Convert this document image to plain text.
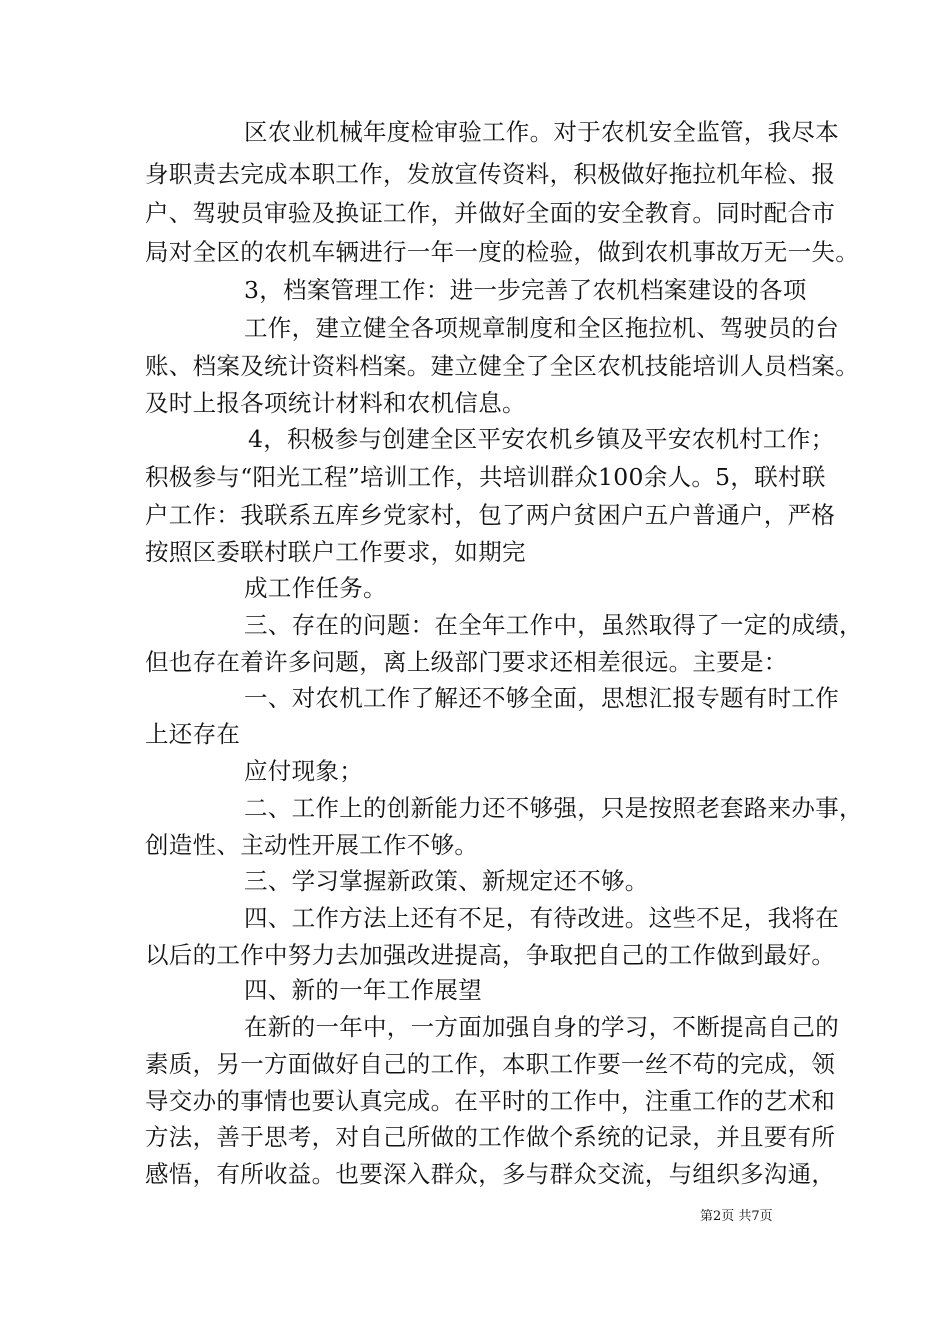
区农业机械年度检审验工作。对于农机安全监管，我尽本
身职责去完成本职工作，发放宣传资料，积极做好拖拉机年检、报
户、驾驶员审验及换证工作，并做好全面的安全教育。同时配合市
局对全区的农机车辆进行一年一度的检验，做到农机事故万无一失。
3，档案管理工作：进一步完善了农机档案建设的各项
工作，建立健全各项规章制度和全区拖拉机、驾驶员的台
账、档案及统计资料档案。建立健全了全区农机技能培训人员档案。
及时上报各项统计材料和农机信息。
4，积极参与创建全区平安农机乡镇及平安农机村工作；
积极参与“阳光工程”培训工作，共培训群众100余人。5，联村联
户工作：我联系五库乡党家村，包了两户贫困户五户普通户，严格
按照区委联村联户工作要求，如期完
成工作任务。
三、存在的问题：在全年工作中，虽然取得了一定的成绩，
但也存在着许多问题，离上级部门要求还相差很远。主要是：
一、对农机工作了解还不够全面，思想汇报专题有时工作
上还存在
应付现象；
二、工作上的创新能力还不够强，只是按照老套路来办事，
创造性、主动性开展工作不够。
三、学习掌握新政策、新规定还不够。
四、工作方法上还有不足，有待改进。这些不足，我将在
以后的工作中努力去加强改进提高，争取把自己的工作做到最好。
四、新的一年工作展望
在新的一年中，一方面加强自身的学习，不断提高自己的
素质，另一方面做好自己的工作，本职工作要一丝不苟的完成，领
导交办的事情也要认真完成。在平时的工作中，注重工作的艺术和
方法，善于思考，对自己所做的工作做个系统的记录，并且要有所
感悟，有所收益。也要深入群众，多与群众交流，与组织多沟通，
第2页 共7页
